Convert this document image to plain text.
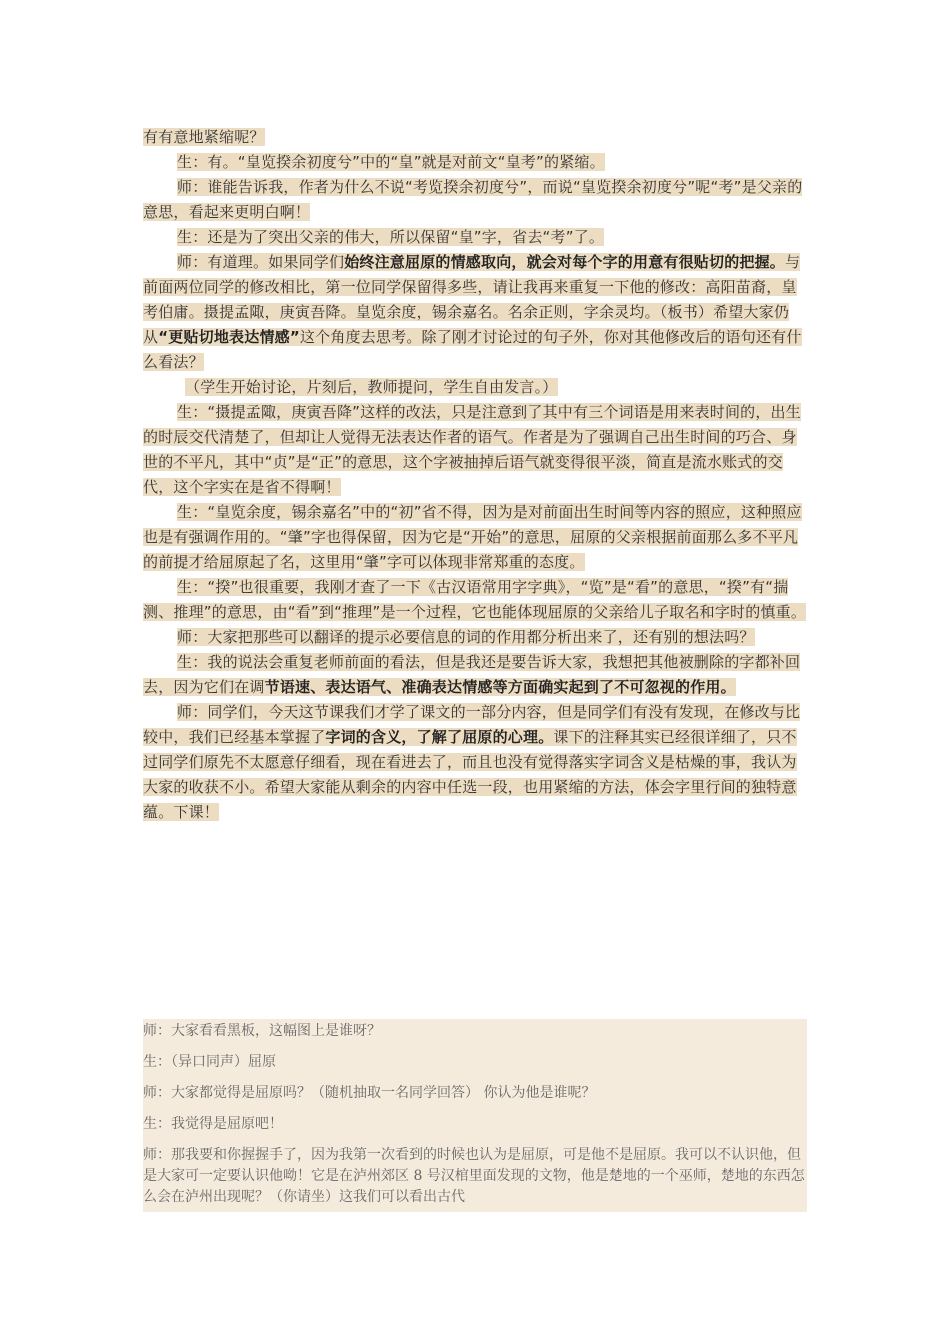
有有意地紧缩呢？

生：有。“皇览揆余初度兮”中的“皇”就是对前文“皇考”的紧缩。

师：谁能告诉我，作者为什么不说“考览揆余初度兮”，而说“皇览揆余初度兮”呢“考”是父亲的意思，看起来更明白啊！

生：还是为了突出父亲的伟大，所以保留“皇”字，省去“考”了。

师：有道理。如果同学们始终注意屈原的情感取向，就会对每个字的用意有很贴切的把握。与前面两位同学的修改相比，第一位同学保留得多些，请让我再来重复一下他的修改：高阳苗裔，皇考伯庸。摄提孟陬，庚寅吾降。皇览余度，锡余嘉名。名余正则，字余灵均。（板书）希望大家仍从“更贴切地表达情感”这个角度去思考。除了刚才讨论过的句子外，你对其他修改后的语句还有什么看法？

（学生开始讨论，片刻后，教师提问，学生自由发言。）

生：“摄提孟陬，庚寅吾降”这样的改法，只是注意到了其中有三个词语是用来表时间的，出生的时辰交代清楚了，但却让人觉得无法表达作者的语气。作者是为了强调自己出生时间的巧合、身世的不平凡，其中“贞”是“正”的意思，这个字被抽掉后语气就变得很平淡，简直是流水账式的交代，这个字实在是省不得啊！

生：“皇览余度，锡余嘉名”中的“初”省不得，因为是对前面出生时间等内容的照应，这种照应也是有强调作用的。“肇”字也得保留，因为它是“开始”的意思，屈原的父亲根据前面那么多不平凡的前提才给屈原起了名，这里用“肇”字可以体现非常郑重的态度。

生：“揆”也很重要，我刚才查了一下《古汉语常用字字典》，“览”是“看”的意思，“揆”有“揣测、推理”的意思，由“看”到“推理”是一个过程，它也能体现屈原的父亲给儿子取名和字时的慎重。

师：大家把那些可以翻译的提示必要信息的词的作用都分析出来了，还有别的想法吗？

生：我的说法会重复老师前面的看法，但是我还是要告诉大家，我想把其他被删除的字都补回去，因为它们在调节语速、表达语气、准确表达情感等方面确实起到了不可忽视的作用。

师：同学们，今天这节课我们才学了课文的一部分内容，但是同学们有没有发现，在修改与比较中，我们已经基本掌握了字词的含义，了解了屈原的心理。课下的注释其实已经很详细了，只不过同学们原先不太愿意仔细看，现在看进去了，而且也没有觉得落实字词含义是枯燥的事，我认为大家的收获不小。希望大家能从剩余的内容中任选一段，也用紧缩的方法，体会字里行间的独特意蕴。下课！

师：大家看看黑板，这幅图上是谁呀？

生：（异口同声）屈原

师：大家都觉得是屈原吗？（随机抽取一名同学回答） 你认为他是谁呢？

生：我觉得是屈原吧！

师：那我要和你握握手了，因为我第一次看到的时候也认为是屈原，可是他不是屈原。我可以不认识他，但是大家可一定要认识他呦！它是在泸州郊区 8 号汉棺里面发现的文物，他是楚地的一个巫师，楚地的东西怎么会在泸州出现呢？（你请坐）这我们可以看出古代
